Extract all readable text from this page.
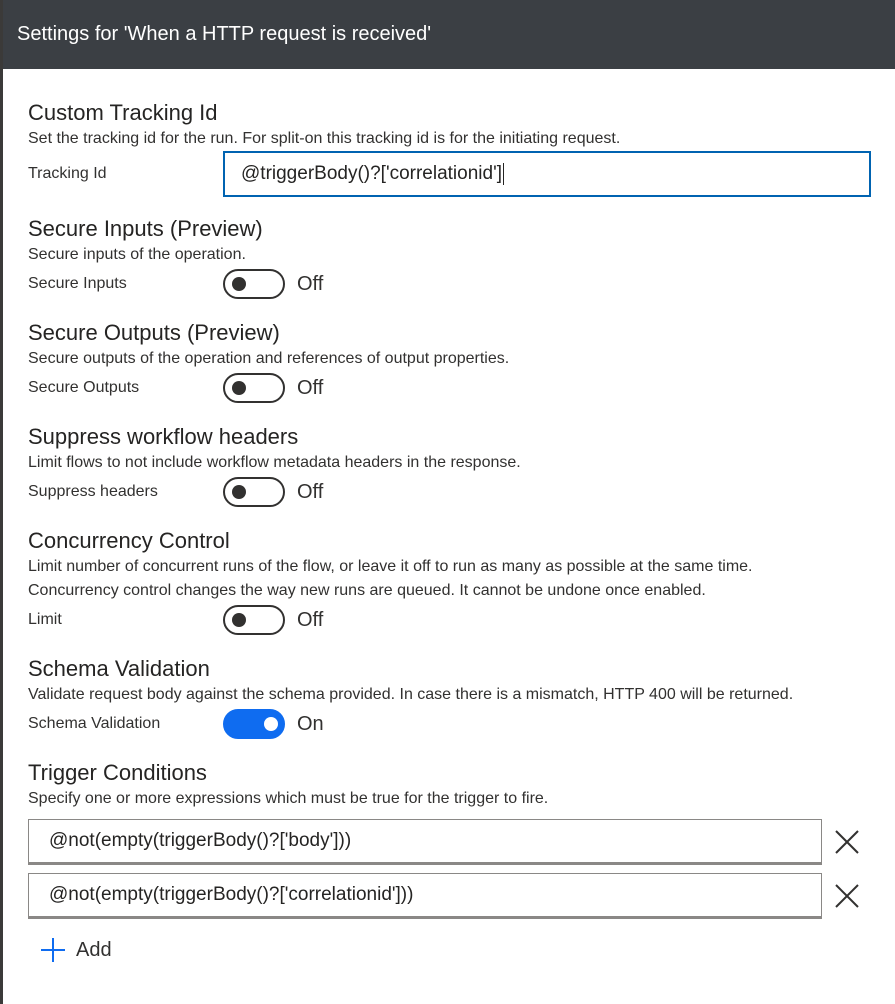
Settings for 'When a HTTP request is received'
Custom Tracking Id
Set the tracking id for the run. For split-on this tracking id is for the initiating request.
Tracking Id	@triggerBody()?['correlationid']
Secure Inputs (Preview)
Secure inputs of the operation.
Secure Inputs	Off
Secure Outputs (Preview)
Secure outputs of the operation and references of output properties.
Secure Outputs	Off
Suppress workflow headers
Limit flows to not include workflow metadata headers in the response.
Suppress headers	Off
Concurrency Control
Limit number of concurrent runs of the flow, or leave it off to run as many as possible at the same time.
Concurrency control changes the way new runs are queued. It cannot be undone once enabled.
Limit	Off
Schema Validation
Validate request body against the schema provided. In case there is a mismatch, HTTP 400 will be returned.
Schema Validation	On
Trigger Conditions
Specify one or more expressions which must be true for the trigger to fire.
@not(empty(triggerBody()?['body']))
@not(empty(triggerBody()?['correlationid']))
Add
